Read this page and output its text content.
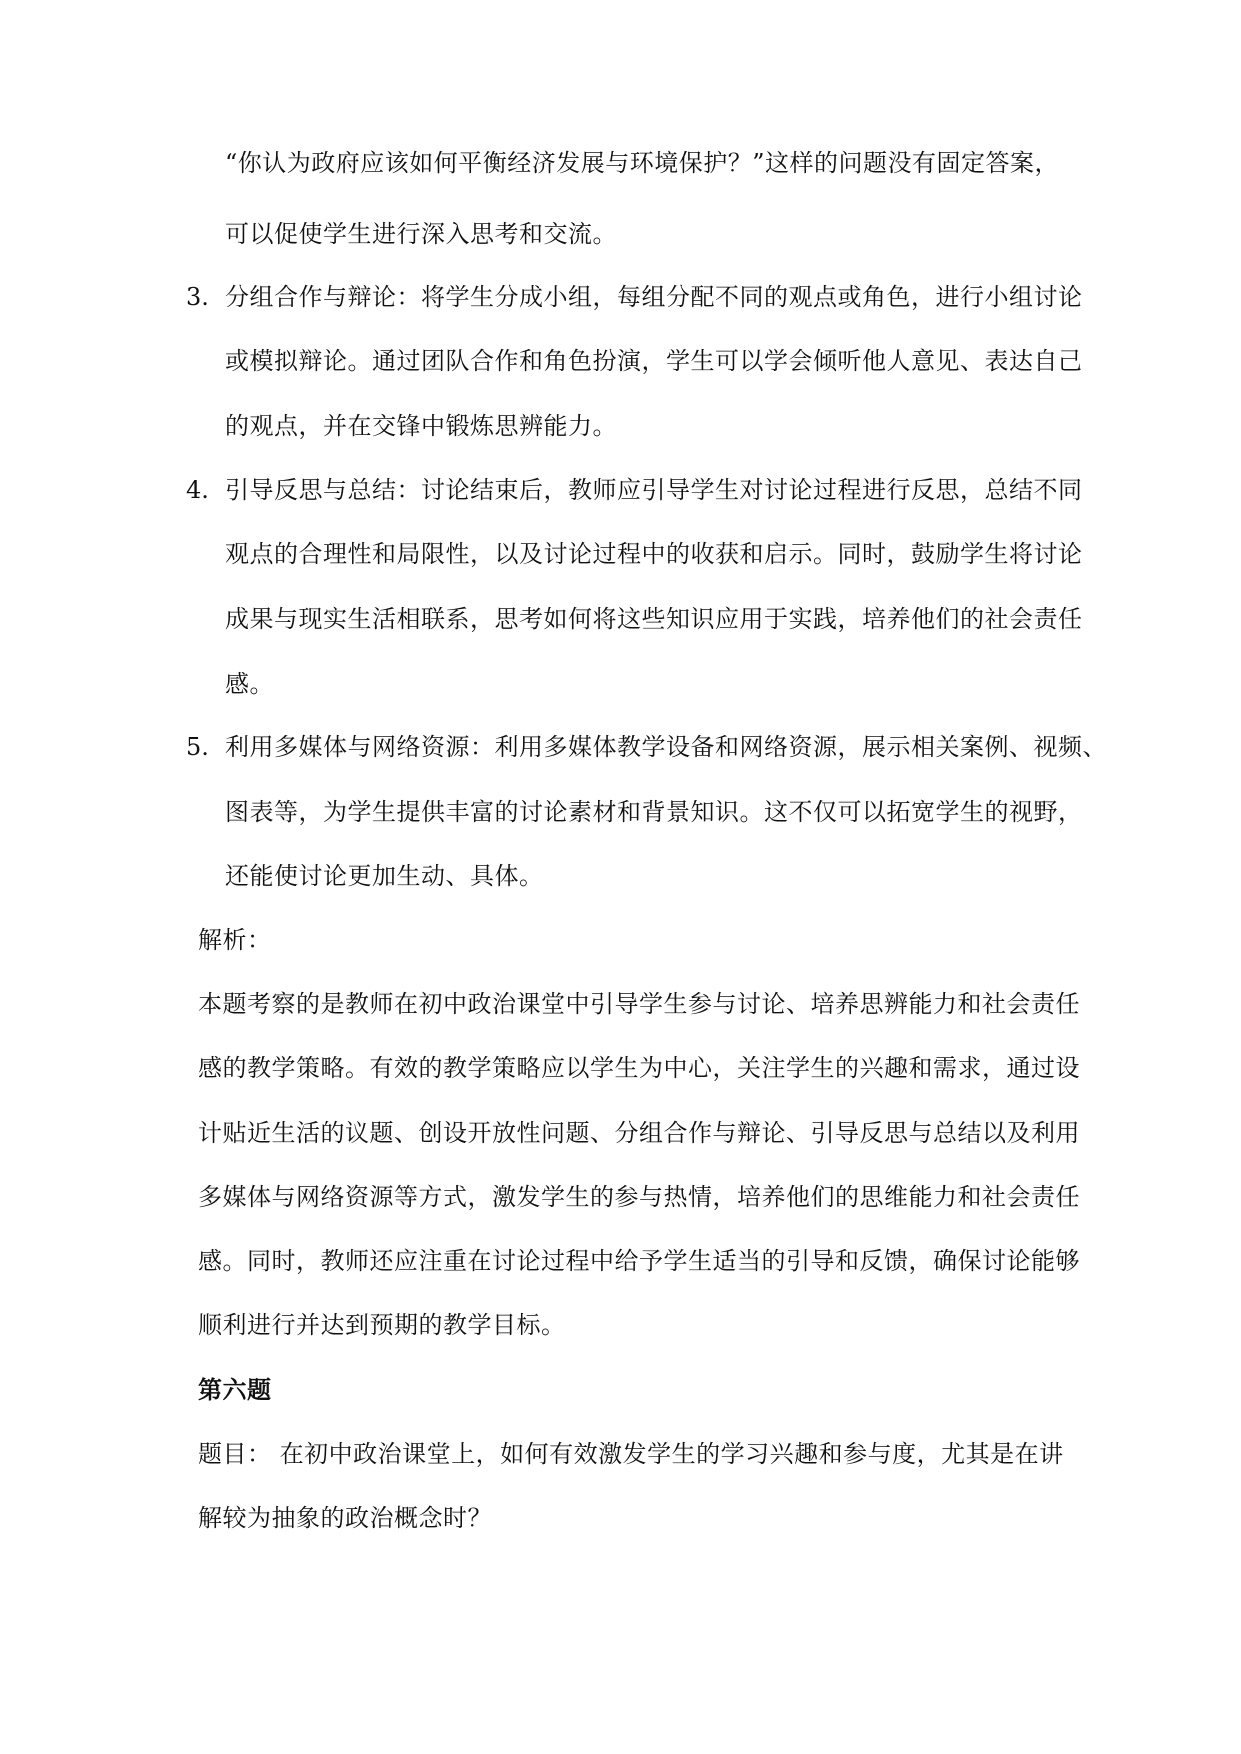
“你认为政府应该如何平衡经济发展与环境保护？”这样的问题没有固定答案，
可以促使学生进行深入思考和交流。
3. 分组合作与辩论：将学生分成小组，每组分配不同的观点或角色，进行小组讨论
或模拟辩论。通过团队合作和角色扮演，学生可以学会倾听他人意见、表达自己
的观点，并在交锋中锻炼思辨能力。
4. 引导反思与总结：讨论结束后，教师应引导学生对讨论过程进行反思，总结不同
观点的合理性和局限性，以及讨论过程中的收获和启示。同时，鼓励学生将讨论
成果与现实生活相联系，思考如何将这些知识应用于实践，培养他们的社会责任
感。
5. 利用多媒体与网络资源：利用多媒体教学设备和网络资源，展示相关案例、视频、
图表等，为学生提供丰富的讨论素材和背景知识。这不仅可以拓宽学生的视野，
还能使讨论更加生动、具体。
解析：
本题考察的是教师在初中政治课堂中引导学生参与讨论、培养思辨能力和社会责任
感的教学策略。有效的教学策略应以学生为中心，关注学生的兴趣和需求，通过设
计贴近生活的议题、创设开放性问题、分组合作与辩论、引导反思与总结以及利用
多媒体与网络资源等方式，激发学生的参与热情，培养他们的思维能力和社会责任
感。同时，教师还应注重在讨论过程中给予学生适当的引导和反馈，确保讨论能够
顺利进行并达到预期的教学目标。
第六题
题目： 在初中政治课堂上，如何有效激发学生的学习兴趣和参与度，尤其是在讲
解较为抽象的政治概念时？
